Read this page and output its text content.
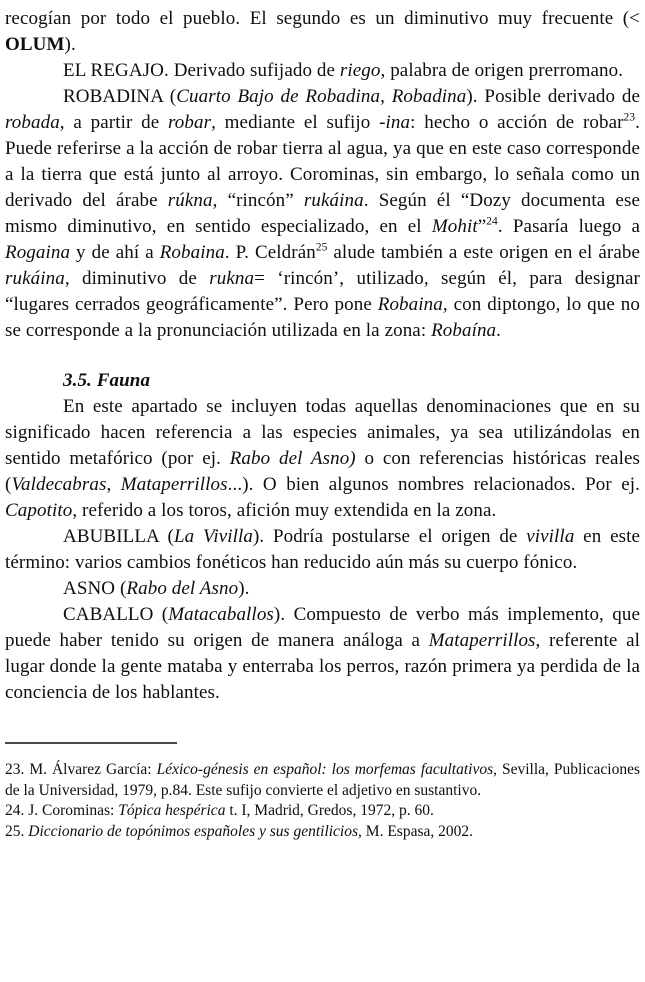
recogían por todo el pueblo. El segundo es un diminutivo muy frecuente (< OLUM).

EL REGAJO. Derivado sufijado de riego, palabra de origen prerromano.

ROBADINA (Cuarto Bajo de Robadina, Robadina). Posible derivado de robada, a partir de robar, mediante el sufijo -ina: hecho o acción de robar$^{23}$. Puede referirse a la acción de robar tierra al agua, ya que en este caso corresponde a la tierra que está junto al arroyo. Corominas, sin embargo, lo señala como un derivado del árabe rúkna, “rincón” rukáina. Según él “Dozy documenta ese mismo diminutivo, en sentido especializado, en el Mohit”$^{24}$. Pasaría luego a Rogaina y de ahí a Robaina. P. Celdrán$^{25}$ alude también a este origen en el árabe rukáina, diminutivo de rukna= ‘rincón’, utilizado, según él, para designar “lugares cerrados geográficamente”. Pero pone Robaina, con diptongo, lo que no se corresponde a la pronunciación utilizada en la zona: Robaína.

3.5. Fauna

En este apartado se incluyen todas aquellas denominaciones que en su significado hacen referencia a las especies animales, ya sea utilizándolas en sentido metafórico (por ej. Rabo del Asno) o con referencias históricas reales (Valdecabras, Mataperrillos...). O bien algunos nombres relacionados. Por ej. Capotito, referido a los toros, afición muy extendida en la zona.

ABUBILLA (La Vivilla). Podría postularse el origen de vivilla en este término: varios cambios fonéticos han reducido aún más su cuerpo fónico.

ASNO (Rabo del Asno).

CABALLO (Matacaballos). Compuesto de verbo más implemento, que puede haber tenido su origen de manera análoga a Mataperrillos, referente al lugar donde la gente mataba y enterraba los perros, razón primera ya perdida de la conciencia de los hablantes.

23. M. Álvarez García: Léxico-génesis en español: los morfemas facultativos, Sevilla, Publicaciones de la Universidad, 1979, p.84. Este sufijo convierte el adjetivo en sustantivo.

24. J. Corominas: Tópica hespérica t. I, Madrid, Gredos, 1972, p. 60.

25. Diccionario de topónimos españoles y sus gentilicios, M. Espasa, 2002.
